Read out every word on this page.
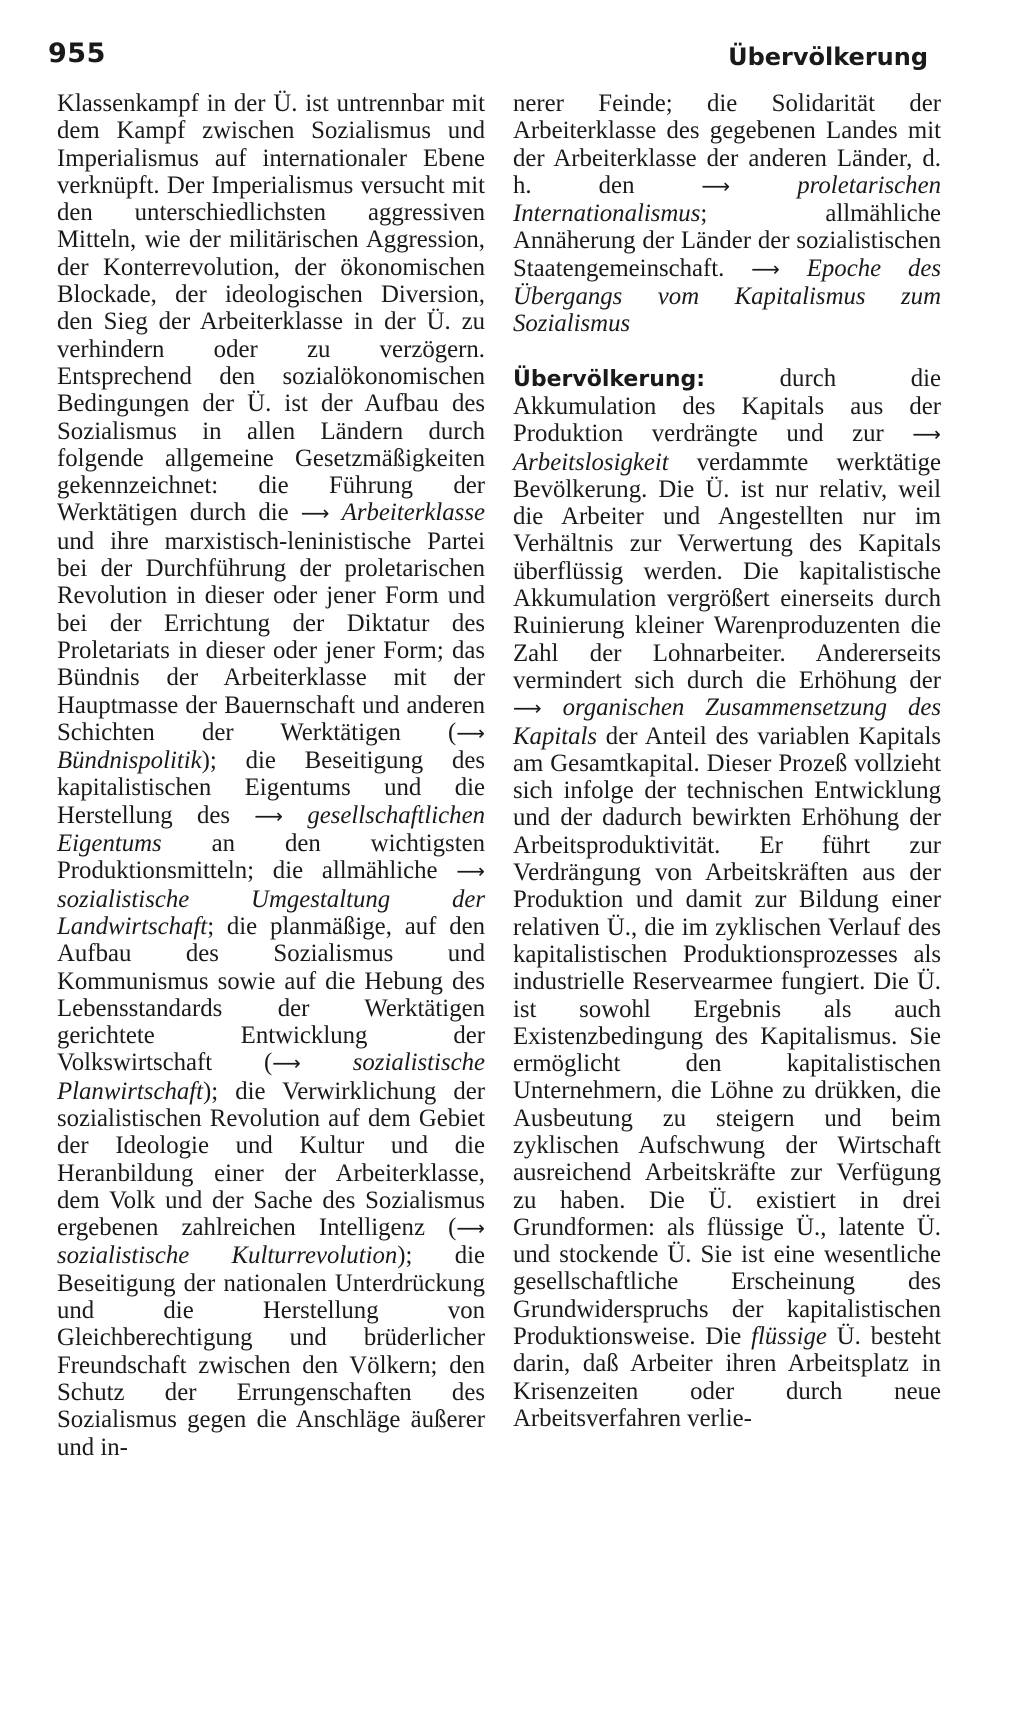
955	Übervölkerung

Klassenkampf in der Ü. ist untrennbar mit dem Kampf zwischen Sozialismus und Imperialismus auf internationaler Ebene verknüpft. Der Imperialismus versucht mit den unterschiedlichsten aggressiven Mitteln, wie der militärischen Aggression, der Konterrevolution, der ökonomischen Blockade, der ideologischen Diversion, den Sieg der Arbeiterklasse in der Ü. zu verhindern oder zu verzögern. Entsprechend den sozialökonomischen Bedingungen der Ü. ist der Aufbau des Sozialismus in allen Ländern durch folgende allgemeine Gesetzmäßigkeiten gekennzeichnet: die Führung der Werktätigen durch die ⟶ Arbeiterklasse und ihre marxistisch-leninistische Partei bei der Durchführung der proletarischen Revolution in dieser oder jener Form und bei der Errichtung der Diktatur des Proletariats in dieser oder jener Form; das Bündnis der Arbeiterklasse mit der Hauptmasse der Bauernschaft und anderen Schichten der Werktätigen (⟶ Bündnispolitik); die Beseitigung des kapitalistischen Eigentums und die Herstellung des ⟶ gesellschaftlichen Eigentums an den wichtigsten Produktionsmitteln; die allmähliche ⟶ sozialistische Umgestaltung der Landwirtschaft; die planmäßige, auf den Aufbau des Sozialismus und Kommunismus sowie auf die Hebung des Lebensstandards der Werktätigen gerichtete Entwicklung der Volkswirtschaft (⟶ sozialistische Planwirtschaft); die Verwirklichung der sozialistischen Revolution auf dem Gebiet der Ideologie und Kultur und die Heranbildung einer der Arbeiterklasse, dem Volk und der Sache des Sozialismus ergebenen zahlreichen Intelligenz (⟶ sozialistische Kulturrevolution); die Beseitigung der nationalen Unterdrückung und die Herstellung von Gleichberechtigung und brüderlicher Freundschaft zwischen den Völkern; den Schutz der Errungenschaften des Sozialismus gegen die Anschläge äußerer und in-

nerer Feinde; die Solidarität der Arbeiterklasse des gegebenen Landes mit der Arbeiterklasse der anderen Länder, d. h. den ⟶	proletarischen Internationalismus; allmähliche Annäherung der Länder der sozialistischen Staatengemeinschaft. ⟶ Epoche des Übergangs vom Kapitalismus zum Sozialismus

Übervölkerung: durch die Akkumulation des Kapitals aus der Produktion verdrängte und zur ⟶ Arbeitslosigkeit verdammte werktätige Bevölkerung. Die Ü. ist nur relativ, weil die Arbeiter und Angestellten nur im Verhältnis zur Verwertung des Kapitals überflüssig werden. Die kapitalistische Akkumulation vergrößert einerseits durch Ruinierung kleiner Warenproduzenten die Zahl der Lohnarbeiter. Andererseits vermindert sich durch die Erhöhung der ⟶ organischen Zusammensetzung des Kapitals der Anteil des variablen Kapitals am Gesamtkapital. Dieser Prozeß vollzieht sich infolge der technischen Entwicklung und der dadurch bewirkten Erhöhung der Arbeitsproduktivität. Er führt zur Verdrängung von Arbeitskräften aus der Produktion und damit zur Bildung einer relativen Ü., die im zyklischen Verlauf des kapitalistischen Produktionsprozesses als industrielle Reservearmee fungiert. Die Ü. ist sowohl Ergebnis als auch Existenzbedingung des Kapitalismus. Sie ermöglicht den kapitalistischen Unternehmern, die Löhne zu drükken, die Ausbeutung zu steigern und beim zyklischen Aufschwung der Wirtschaft ausreichend Arbeitskräfte zur Verfügung zu haben. Die Ü. existiert in drei Grundformen: als flüssige Ü., latente Ü. und stockende Ü. Sie ist eine wesentliche gesellschaftliche Erscheinung des Grundwiderspruchs der kapitalistischen Produktionsweise. Die flüssige Ü. besteht darin, daß Arbeiter ihren Arbeitsplatz in Krisenzeiten oder durch neue Arbeitsverfahren verlie-
